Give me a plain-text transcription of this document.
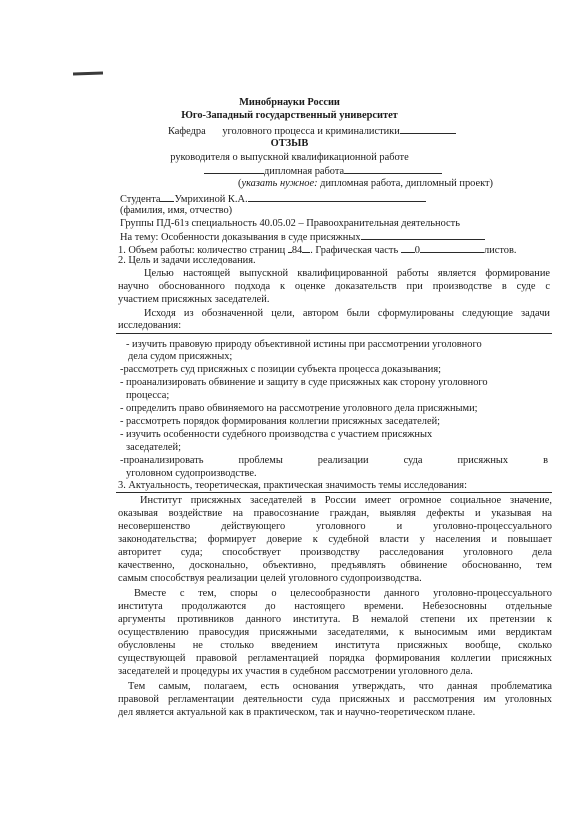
Минобрнауки России
Юго-Западный государственный университет
Кафедра уголовного процесса и криминалистики
ОТЗЫВ
руководителя о выпускной квалификационной работе
дипломная работа
(указать нужное: дипломная работа, дипломный проект)
Студента Умрихиной К.А.
(фамилия, имя, отчество)
Группы ПД-61з специальность 40.05.02 – Правоохранительная деятельность
На тему: Особенности доказывания в суде присяжных
1. Объем работы: количество страниц 84 . Графическая часть 0	листов.
2. Цель и задачи исследования.
Целью настоящей выпускной квалифицированной работы является формирование
научно обоснованного подхода к оценке доказательств при производстве в суде с
участием присяжных заседателей.
Исходя из обозначенной цели, автором были сформулированы следующие задачи
исследования:
- изучить правовую природу объективной истины при рассмотрении уголовного
дела судом присяжных;
-рассмотреть суд присяжных с позиции субъекта процесса доказывания;
- проанализировать обвинение и защиту в суде присяжных как сторону уголовного
процесса;
- определить право обвиняемого на рассмотрение уголовного дела присяжными;
- рассмотреть порядок формирования коллегии присяжных заседателей;
- изучить особенности судебного производства с участием присяжных
заседателей;
-проанализировать проблемы реализации суда присяжных в
уголовном судопроизводстве.
3. Актуальность, теоретическая, практическая значимость темы исследования:
Институт присяжных заседателей в России имеет огромное социальное значение,
оказывая воздействие на правосознание граждан, выявляя дефекты и указывая на
несовершенство действующего уголовного и уголовно-процессуального
законодательства; формирует доверие к судебной власти у населения и повышает
авторитет суда; способствует производству расследования уголовного дела
качественно, досконально, объективно, предъявлять обвинение обоснованно, тем
самым способствуя реализации целей уголовного судопроизводства.
Вместе с тем, споры о целесообразности данного уголовно-процессуального
института продолжаются до настоящего времени. Небезосновны отдельные
аргументы противников данного института. В немалой степени их претензии к
осуществлению правосудия присяжными заседателями, к выносимым ими вердиктам
обусловлены не столько введением института присяжных вообще, сколько
существующей правовой регламентацией порядка формирования коллегии присяжных
заседателей и процедуры их участия в судебном рассмотрении уголовного дела.
Тем самым, полагаем, есть основания утверждать, что данная проблематика
правовой регламентации деятельности суда присяжных и рассмотрения им уголовных
дел является актуальной как в практическом, так и научно-теоретическом плане.
